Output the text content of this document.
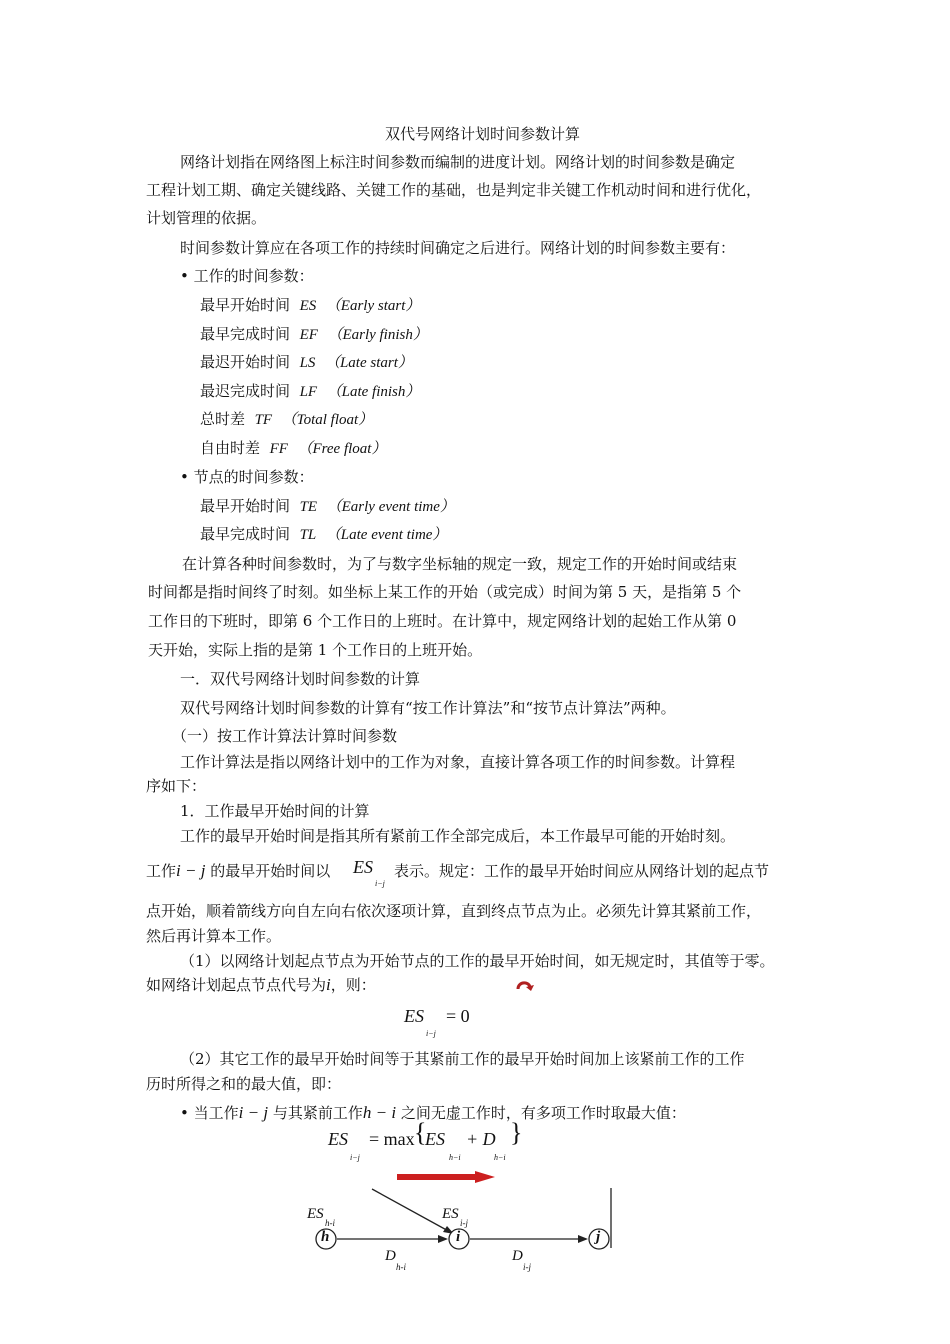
双代号网络计划时间参数计算
网络计划指在网络图上标注时间参数而编制的进度计划。网络计划的时间参数是确定
工程计划工期、确定关键线路、关键工作的基础，也是判定非关键工作机动时间和进行优化，
计划管理的依据。
时间参数计算应在各项工作的持续时间确定之后进行。网络计划的时间参数主要有：
• 工作的时间参数：
最早开始时间 ES （Early start）
最早完成时间 EF （Early finish）
最迟开始时间 LS （Late start）
最迟完成时间 LF （Late finish）
总时差 TF （Total float）
自由时差 FF （Free float）
• 节点的时间参数：
最早开始时间 TE （Early event time）
最早完成时间 TL （Late event time）
在计算各种时间参数时，为了与数字坐标轴的规定一致，规定工作的开始时间或结束
时间都是指时间终了时刻。如坐标上某工作的开始（或完成）时间为第 5 天，是指第 5 个
工作日的下班时，即第 6 个工作日的上班时。在计算中，规定网络计划的起始工作从第 0
天开始，实际上指的是第 1 个工作日的上班开始。
一．双代号网络计划时间参数的计算
双代号网络计划时间参数的计算有“按工作计算法”和“按节点计算法”两种。
（一）按工作计算法计算时间参数
工作计算法是指以网络计划中的工作为对象，直接计算各项工作的时间参数。计算程
序如下：
1．工作最早开始时间的计算
工作的最早开始时间是指其所有紧前工作全部完成后，本工作最早可能的开始时刻。
工作i − j 的最早开始时间以 ES
i−j
表示。规定：工作的最早开始时间应从网络计划的起点节
点开始，顺着箭线方向自左向右依次逐项计算，直到终点节点为止。必须先计算其紧前工作，
然后再计算本工作。
（1）以网络计划起点节点为开始节点的工作的最早开始时间，如无规定时，其值等于零。
如网络计划起点节点代号为i，则：
ES = 0
i−j
（2）其它工作的最早开始时间等于其紧前工作的最早开始时间加上该紧前工作的工作
历时所得之和的最大值，即：
• 当工作i − j 与其紧前工作h − i 之间无虚工作时，有多项工作时取最大值：
ES
i−j
= max {
ES
h−i
+ D
h−i
}
h	i	j
ES
h-i
ES
i-j
D
h-i
D
i-j
